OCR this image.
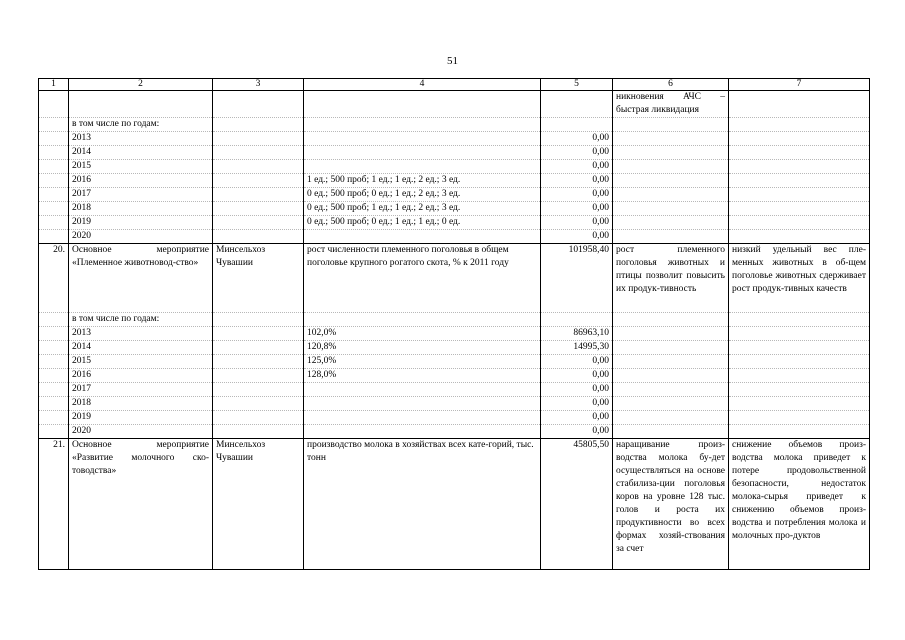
51
1	2	3	4	5	6	7
					никновения АЧС – быстрая ликвидация	
	в том числе по годам:					
	2013			0,00		
	2014			0,00		
	2015			0,00		
	2016		1 ед.; 500 проб; 1 ед.; 1 ед.; 2 ед.; 3 ед.	0,00		
	2017		0 ед.; 500 проб; 0 ед.; 1 ед.; 2 ед.; 3 ед.	0,00		
	2018		0 ед.; 500 проб; 1 ед.; 1 ед.; 2 ед.; 3 ед.	0,00		
	2019		0 ед.; 500 проб; 0 ед.; 1 ед.; 1 ед.; 0 ед.	0,00		
	2020			0,00		
20.	Основное мероприятие «Племенное животновод-ство»	Минсельхоз Чувашии	рост численности племенного поголовья в общем поголовье крупного рогатого скота, % к 2011 году	101958,40	рост племенного поголовья животных и птицы позволит повысить их продук-тивность	низкий удельный вес пле-менных животных в об-щем поголовье животных сдерживает рост продук-тивных качеств
	в том числе по годам:					
	2013		102,0%	86963,10		
	2014		120,8%	14995,30		
	2015		125,0%	0,00		
	2016		128,0%	0,00		
	2017			0,00		
	2018			0,00		
	2019			0,00		
	2020			0,00		
21.	Основное мероприятие «Развитие молочного ско-товодства»	Минсельхоз Чувашии	производство молока в хозяйствах всех кате-горий, тыс. тонн	45805,50	наращивание произ-водства молока бу-дет осуществляться на основе стабилиза-ции поголовья коров на уровне 128 тыс. голов и роста их продуктивности во всех формах хозяй-ствования за счет	снижение объемов произ-водства молока приведет к потере продовольственной безопасности, недостаток молока-сырья приведет к снижению объемов произ-водства и потребления молока и молочных про-дуктов
